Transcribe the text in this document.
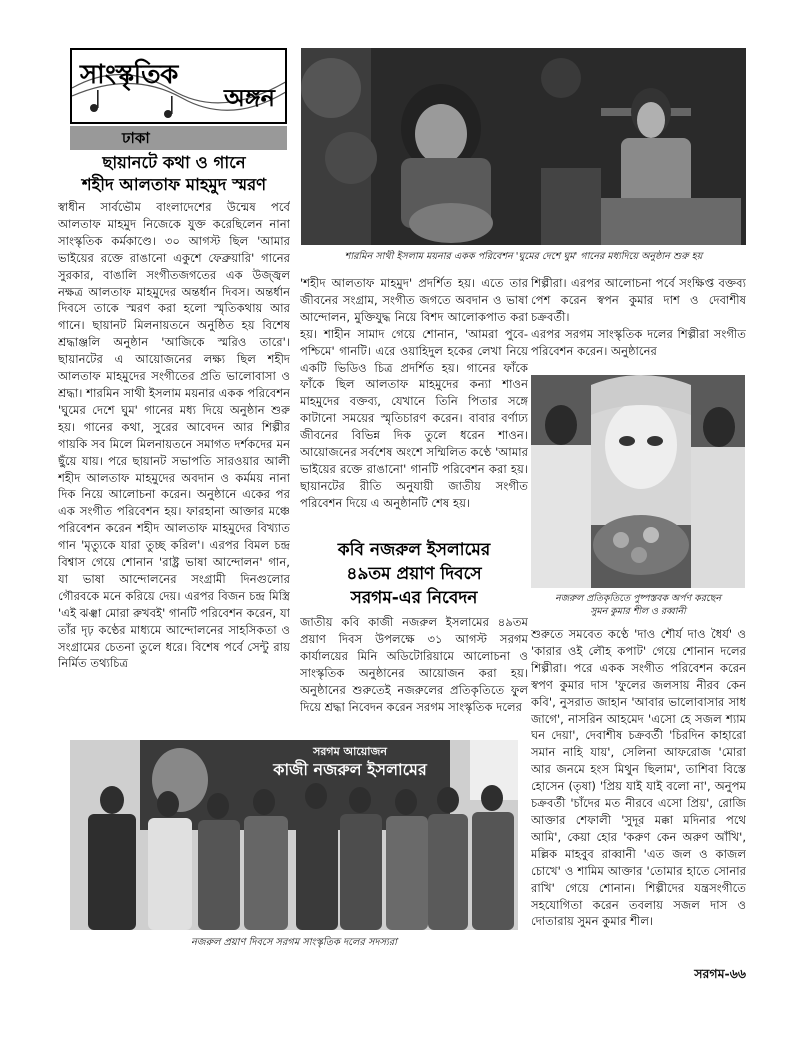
সাংস্কৃতিক
অঙ্গন
ঢাকা
ছায়ানটে কথা ও গানে
শহীদ আলতাফ মাহমুদ স্মরণ

স্বাধীন সার্বভৌম বাংলাদেশের উন্মেষ পর্বে আলতাফ মাহমুদ নিজেকে যুক্ত করেছিলেন নানা সাংস্কৃতিক কর্মকাণ্ডে। ৩০ আগস্ট ছিল 'আমার ভাইয়ের রক্তে রাঙানো একুশে ফেব্রুয়ারি' গানের সুরকার, বাঙালি সংগীতজগতের এক উজ্জ্বল নক্ষত্র আলতাফ মাহমুদের অন্তর্ধান দিবস। অন্তর্ধান দিবসে তাকে স্মরণ করা হলো স্মৃতিকথায় আর গানে। ছায়ানট মিলনায়তনে অনুষ্ঠিত হয় বিশেষ শ্রদ্ধাঞ্জলি অনুষ্ঠান 'আজিকে স্মরিও তারে'। ছায়ানটের এ আয়োজনের লক্ষ্য ছিল শহীদ আলতাফ মাহমুদের সংগীতের প্রতি ভালোবাসা ও শ্রদ্ধা। শারমিন সাথী ইসলাম ময়নার একক পরিবেশন 'ঘুমের দেশে ঘুম' গানের মধ্য দিয়ে অনুষ্ঠান শুরু হয়। গানের কথা, সুরের আবেদন আর শিল্পীর গায়কি সব মিলে মিলনায়তনে সমাগত দর্শকদের মন ছুঁয়ে যায়। পরে ছায়ানট সভাপতি সারওয়ার আলী শহীদ আলতাফ মাহমুদের অবদান ও কর্মময় নানা দিক নিয়ে আলোচনা করেন। অনুষ্ঠানে একের পর এক সংগীত পরিবেশন হয়। ফারহানা আক্তার মঞ্চে পরিবেশন করেন শহীদ আলতাফ মাহমুদের বিখ্যাত গান 'মৃত্যুকে যারা তুচ্ছ করিল'। এরপর বিমল চন্দ্র বিশ্বাস গেয়ে শোনান 'রাষ্ট্র ভাষা আন্দোলন' গান, যা ভাষা আন্দোলনের সংগ্রামী দিনগুলোর গৌরবকে মনে করিয়ে দেয়। এরপর বিজন চন্দ্র মিস্ত্রি 'এই ঝঞ্ঝা মোরা রুখবই' গানটি পরিবেশন করেন, যা তাঁর দৃঢ় কণ্ঠের মাধ্যমে আন্দোলনের সাহসিকতা ও সংগ্রামের চেতনা তুলে ধরে। বিশেষ পর্বে সেন্টু রায় নির্মিত তথ্যচিত্র

শারমিন সাথী ইসলাম ময়নার একক পরিবেশন 'ঘুমের দেশে ঘুম' গানের মধ্যদিয়ে অনুষ্ঠান শুরু হয়

'শহীদ আলতাফ মাহমুদ' প্রদর্শিত হয়। এতে তার জীবনের সংগ্রাম, সংগীত জগতে অবদান ও ভাষা আন্দোলন, মুক্তিযুদ্ধ নিয়ে বিশদ আলোকপাত করা হয়। শাহীন সামাদ গেয়ে শোনান, 'আমরা পুবে-পশ্চিমে' গানটি। এরে ওয়াহিদুল হকের লেখা নিয়ে একটি ভিডিও চিত্র প্রদর্শিত হয়। গানের ফাঁকে ফাঁকে ছিল আলতাফ মাহমুদের কন্যা শাওন মাহমুদের বক্তব্য, যেখানে তিনি পিতার সঙ্গে কাটানো সময়ের স্মৃতিচারণ করেন। বাবার বর্ণাঢ্য জীবনের বিভিন্ন দিক তুলে ধরেন শাওন। আয়োজনের সর্বশেষ অংশে সম্মিলিত কণ্ঠে 'আমার ভাইয়ের রক্তে রাঙানো' গানটি পরিবেশন করা হয়। ছায়ানটের রীতি অনুযায়ী জাতীয় সংগীত পরিবেশন দিয়ে এ অনুষ্ঠানটি শেষ হয়।

শিল্পীরা। এরপর আলোচনা পর্বে সংক্ষিপ্ত বক্তব্য পেশ করেন স্বপন কুমার দাশ ও দেবাশীষ চক্রবর্তী।

এরপর সরগম সাংস্কৃতিক দলের শিল্পীরা সংগীত পরিবেশন করেন। অনুষ্ঠানের

নজরুল প্রতিকৃতিতে পুষ্পস্তবক অর্পণ করছেন
সুমন কুমার শীল ও রব্বানী
কবি নজরুল ইসলামের
৪৯তম প্রয়াণ দিবসে
সরগম-এর নিবেদন

জাতীয় কবি কাজী নজরুল ইসলামের ৪৯তম প্রয়াণ দিবস উপলক্ষে ৩১ আগস্ট সরগম কার্যালয়ের মিনি অডিটোরিয়ামে আলোচনা ও সাংস্কৃতিক অনুষ্ঠানের আয়োজন করা হয়। অনুষ্ঠানের শুরুতেই নজরুলের প্রতিকৃতিতে ফুল দিয়ে শ্রদ্ধা নিবেদন করেন সরগম সাংস্কৃতিক দলের

শুরুতে সমবেত কণ্ঠে 'দাও শৌর্য দাও ধৈর্য' ও 'কারার ওই লৌহ কপাট' গেয়ে শোনান দলের শিল্পীরা। পরে একক সংগীত পরিবেশন করেন স্বপণ কুমার দাস 'ফুলের জলসায় নীরব কেন কবি', নুসরাত জাহান 'আবার ভালোবাসার সাধ জাগে', নাসরিন আহমেদ 'এসো হে সজল শ্যাম ঘন দেয়া', দেবাশীষ চক্রবর্তী 'চিরদিন কাহারো সমান নাহি যায়', সেলিনা আফরোজ 'মোরা আর জনমে হংস মিথুন ছিলাম', তাশিবা বিস্তে হোসেন (তৃষা) 'প্রিয় যাই যাই বলো না', অনুপম চক্রবর্তী 'চাঁদের মত নীরবে এসো প্রিয়', রোজি আক্তার শেফালী 'সুদূর মক্কা মদিনার পথে আমি', কেয়া হোর 'করুণ কেন অরুণ আঁখি', মল্লিক মাহবুব রাব্বানী 'এত জল ও কাজল চোখে' ও শামিম আক্তার 'তোমার হাতে সোনার রাখি' গেয়ে শোনান। শিল্পীদের যন্ত্রসংগীতে সহযোগিতা করেন তবলায় সজল দাস ও দোতারায় সুমন কুমার শীল।

সরগম আয়োজন
কাজী নজরুল ইসলামের
নজরুল প্রয়াণ দিবসে সরগম সাংস্কৃতিক দলের সদস্যরা
সরগম-৬৬
